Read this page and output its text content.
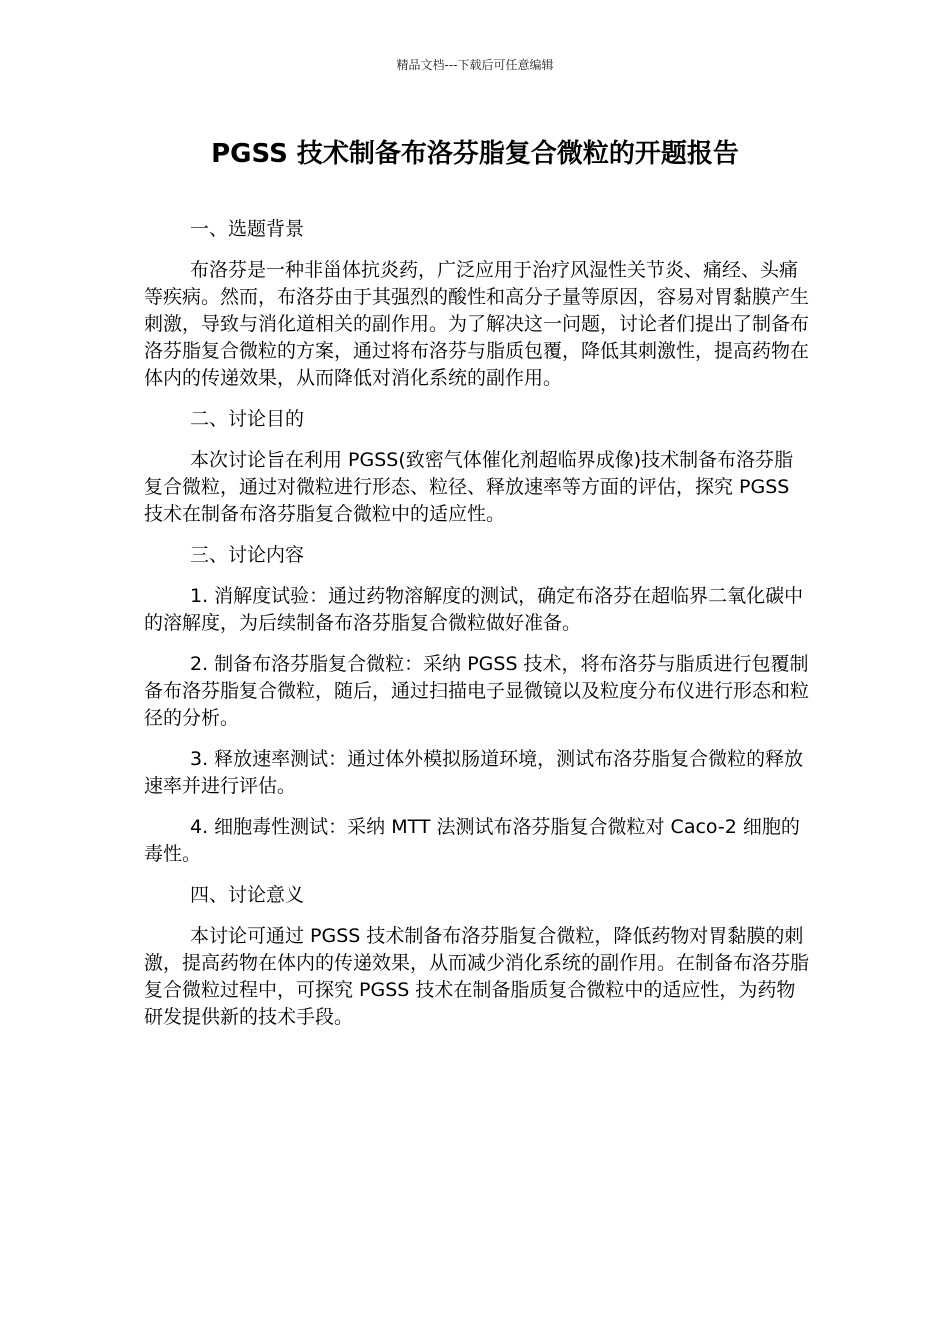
精品文档---下载后可任意编辑
PGSS 技术制备布洛芬脂复合微粒的开题报告

一、选题背景

布洛芬是一种非甾体抗炎药，广泛应用于治疗风湿性关节炎、痛经、头痛等疾病。然而，布洛芬由于其强烈的酸性和高分子量等原因，容易对胃黏膜产生刺激，导致与消化道相关的副作用。为了解决这一问题，讨论者们提出了制备布洛芬脂复合微粒的方案，通过将布洛芬与脂质包覆，降低其刺激性，提高药物在体内的传递效果，从而降低对消化系统的副作用。

二、讨论目的

本次讨论旨在利用 PGSS(致密气体催化剂超临界成像)技术制备布洛芬脂复合微粒，通过对微粒进行形态、粒径、释放速率等方面的评估，探究 PGSS 技术在制备布洛芬脂复合微粒中的适应性。

三、讨论内容

1. 消解度试验：通过药物溶解度的测试，确定布洛芬在超临界二氧化碳中的溶解度，为后续制备布洛芬脂复合微粒做好准备。

2. 制备布洛芬脂复合微粒：采纳 PGSS 技术，将布洛芬与脂质进行包覆制备布洛芬脂复合微粒，随后，通过扫描电子显微镜以及粒度分布仪进行形态和粒径的分析。

3. 释放速率测试：通过体外模拟肠道环境，测试布洛芬脂复合微粒的释放速率并进行评估。

4. 细胞毒性测试：采纳 MTT 法测试布洛芬脂复合微粒对 Caco-2 细胞的毒性。

四、讨论意义

本讨论可通过 PGSS 技术制备布洛芬脂复合微粒，降低药物对胃黏膜的刺激，提高药物在体内的传递效果，从而减少消化系统的副作用。在制备布洛芬脂复合微粒过程中，可探究 PGSS 技术在制备脂质复合微粒中的适应性，为药物研发提供新的技术手段。
